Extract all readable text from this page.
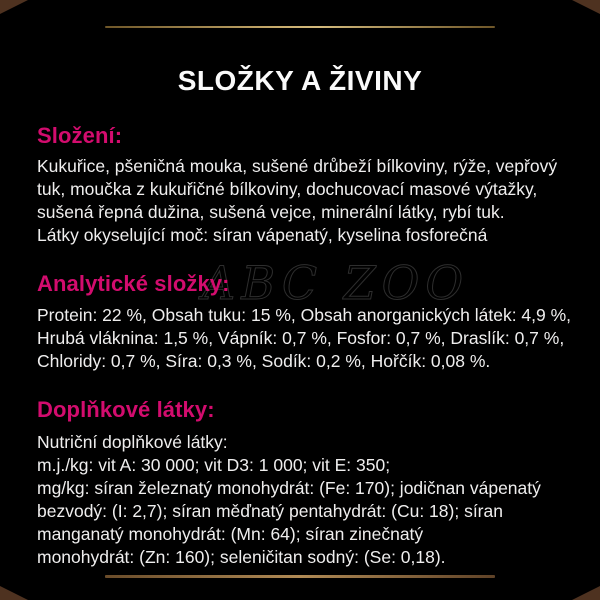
SLOŽKY A ŽIVINY
ABC ZOO
Složení:
Kukuřice, pšeničná mouka, sušené drůbeží bílkoviny, rýže, vepřový
tuk, moučka z kukuřičné bílkoviny, dochucovací masové výtažky,
sušená řepná dužina, sušená vejce, minerální látky, rybí tuk.
Látky okyselující moč: síran vápenatý, kyselina fosforečná
Analytické složky:
Protein: 22 %, Obsah tuku: 15 %, Obsah anorganických látek: 4,9 %,
Hrubá vláknina: 1,5 %, Vápník: 0,7 %, Fosfor: 0,7 %, Draslík: 0,7 %,
Chloridy: 0,7 %, Síra: 0,3 %, Sodík: 0,2 %, Hořčík: 0,08 %.
Doplňkové látky:
Nutriční doplňkové látky:
m.j./kg: vit A: 30 000; vit D3: 1 000; vit E: 350;
mg/kg: síran železnatý monohydrát: (Fe: 170); jodičnan vápenatý
bezvodý: (I: 2,7); síran měďnatý pentahydrát: (Cu: 18); síran
manganatý monohydrát: (Mn: 64); síran zinečnatý
monohydrát: (Zn: 160); seleničitan sodný: (Se: 0,18).
